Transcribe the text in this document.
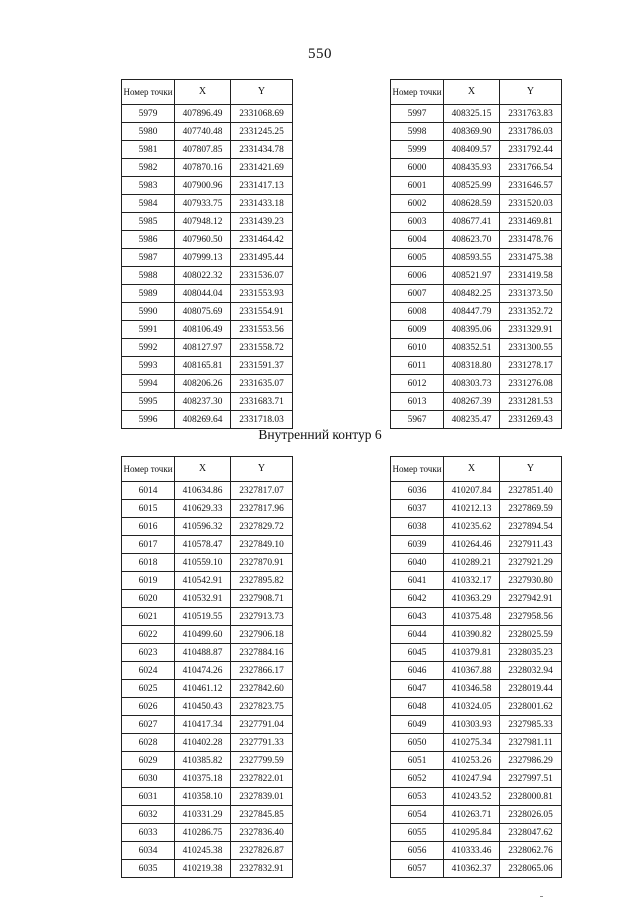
550
Номер точки	X	Y
5979	407896.49	2331068.69
5980	407740.48	2331245.25
5981	407807.85	2331434.78
5982	407870.16	2331421.69
5983	407900.96	2331417.13
5984	407933.75	2331433.18
5985	407948.12	2331439.23
5986	407960.50	2331464.42
5987	407999.13	2331495.44
5988	408022.32	2331536.07
5989	408044.04	2331553.93
5990	408075.69	2331554.91
5991	408106.49	2331553.56
5992	408127.97	2331558.72
5993	408165.81	2331591.37
5994	408206.26	2331635.07
5995	408237.30	2331683.71
5996	408269.64	2331718.03
Номер точки	X	Y
5997	408325.15	2331763.83
5998	408369.90	2331786.03
5999	408409.57	2331792.44
6000	408435.93	2331766.54
6001	408525.99	2331646.57
6002	408628.59	2331520.03
6003	408677.41	2331469.81
6004	408623.70	2331478.76
6005	408593.55	2331475.38
6006	408521.97	2331419.58
6007	408482.25	2331373.50
6008	408447.79	2331352.72
6009	408395.06	2331329.91
6010	408352.51	2331300.55
6011	408318.80	2331278.17
6012	408303.73	2331276.08
6013	408267.39	2331281.53
5967	408235.47	2331269.43
Внутренний контур 6
Номер точки	X	Y
6014	410634.86	2327817.07
6015	410629.33	2327817.96
6016	410596.32	2327829.72
6017	410578.47	2327849.10
6018	410559.10	2327870.91
6019	410542.91	2327895.82
6020	410532.91	2327908.71
6021	410519.55	2327913.73
6022	410499.60	2327906.18
6023	410488.87	2327884.16
6024	410474.26	2327866.17
6025	410461.12	2327842.60
6026	410450.43	2327823.75
6027	410417.34	2327791.04
6028	410402.28	2327791.33
6029	410385.82	2327799.59
6030	410375.18	2327822.01
6031	410358.10	2327839.01
6032	410331.29	2327845.85
6033	410286.75	2327836.40
6034	410245.38	2327826.87
6035	410219.38	2327832.91
Номер точки	X	Y
6036	410207.84	2327851.40
6037	410212.13	2327869.59
6038	410235.62	2327894.54
6039	410264.46	2327911.43
6040	410289.21	2327921.29
6041	410332.17	2327930.80
6042	410363.29	2327942.91
6043	410375.48	2327958.56
6044	410390.82	2328025.59
6045	410379.81	2328035.23
6046	410367.88	2328032.94
6047	410346.58	2328019.44
6048	410324.05	2328001.62
6049	410303.93	2327985.33
6050	410275.34	2327981.11
6051	410253.26	2327986.29
6052	410247.94	2327997.51
6053	410243.52	2328000.81
6054	410263.71	2328026.05
6055	410295.84	2328047.62
6056	410333.46	2328062.76
6057	410362.37	2328065.06
